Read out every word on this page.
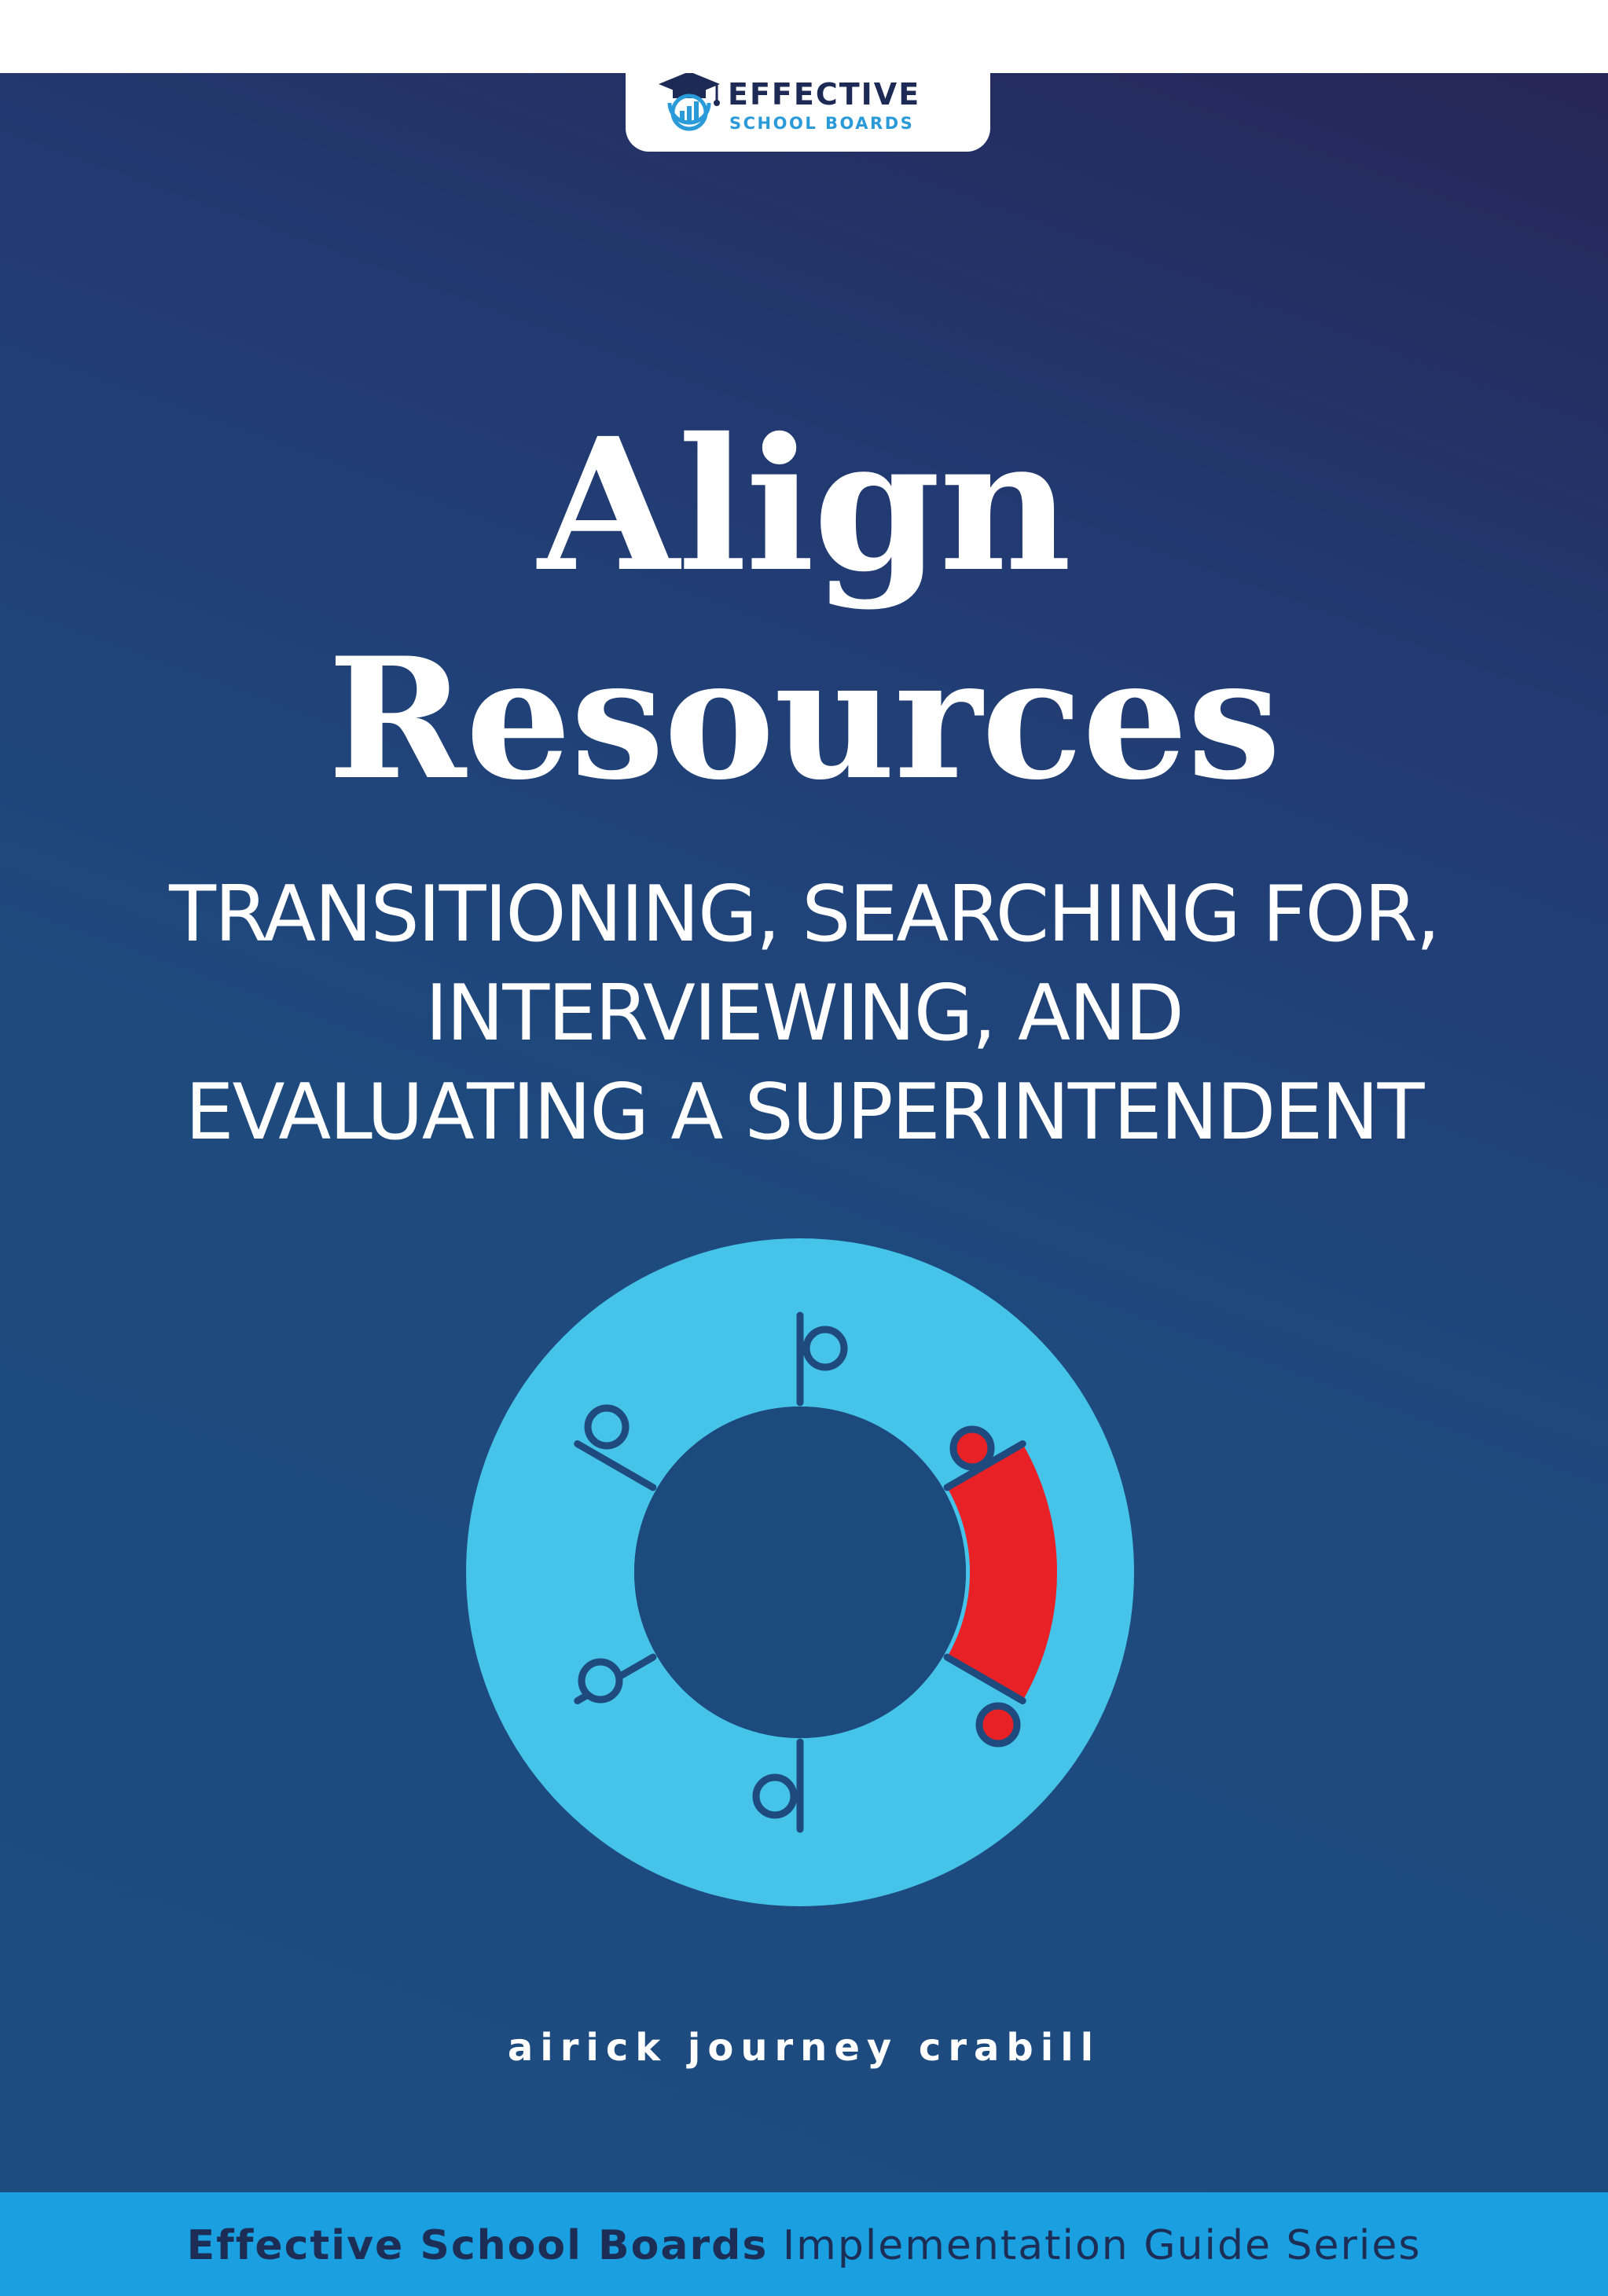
EFFECTIVE
SCHOOL BOARDS
Align
Resources
TRANSITIONING, SEARCHING FOR,
INTERVIEWING, AND
EVALUATING A SUPERINTENDENT
airick journey crabill
Effective School Boards Implementation Guide Series
